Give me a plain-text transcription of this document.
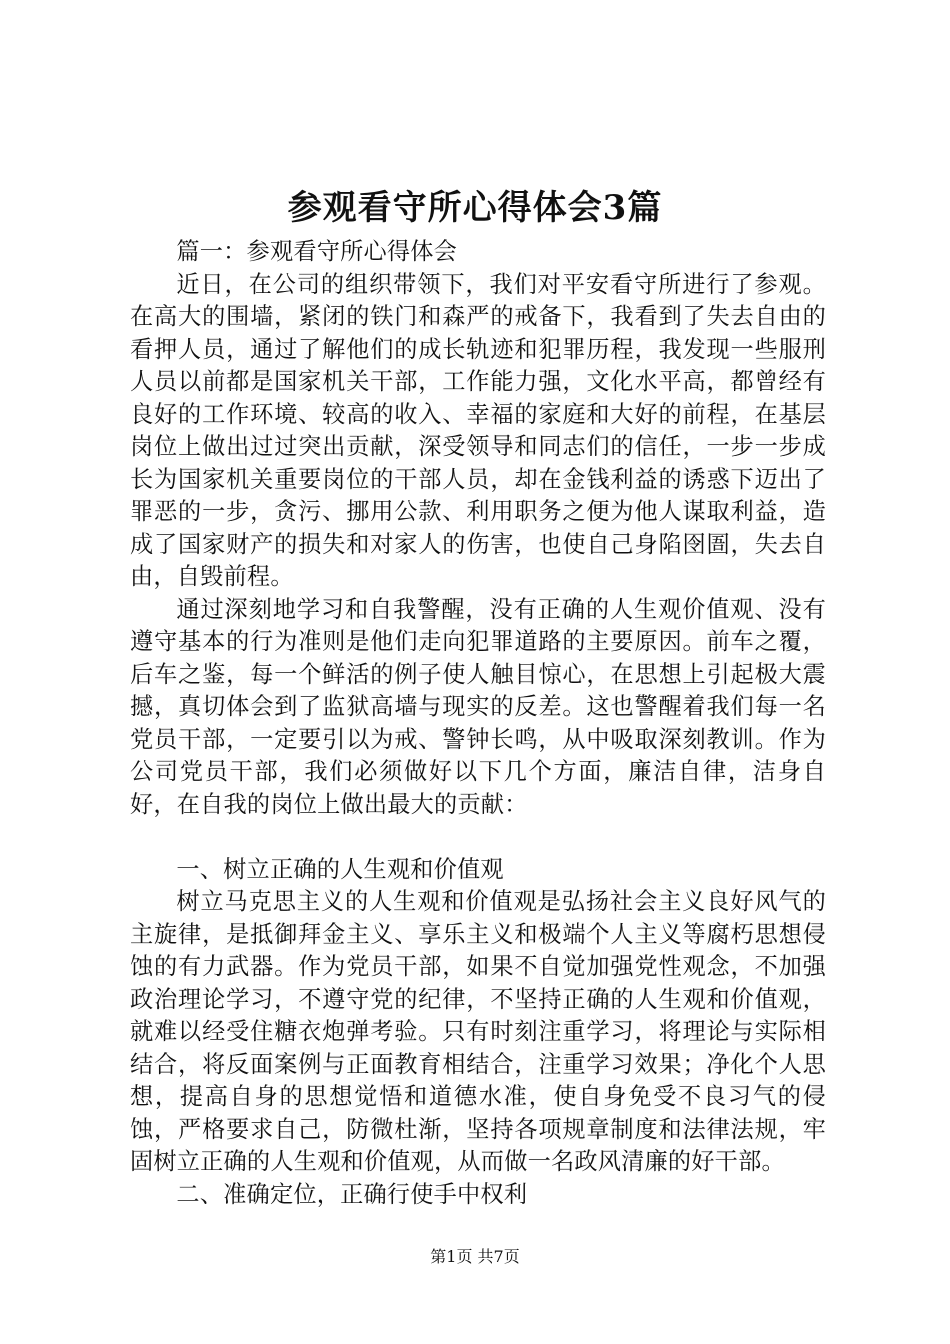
参观看守所心得体会3篇

篇一：参观看守所心得体会

近日，在公司的组织带领下，我们对平安看守所进行了参观。在高大的围墙，紧闭的铁门和森严的戒备下，我看到了失去自由的看押人员，通过了解他们的成长轨迹和犯罪历程，我发现一些服刑人员以前都是国家机关干部，工作能力强，文化水平高，都曾经有良好的工作环境、较高的收入、幸福的家庭和大好的前程，在基层岗位上做出过过突出贡献，深受领导和同志们的信任，一步一步成长为国家机关重要岗位的干部人员，却在金钱利益的诱惑下迈出了罪恶的一步，贪污、挪用公款、利用职务之便为他人谋取利益，造成了国家财产的损失和对家人的伤害，也使自己身陷囹圄，失去自由，自毁前程。

通过深刻地学习和自我警醒，没有正确的人生观价值观、没有遵守基本的行为准则是他们走向犯罪道路的主要原因。前车之覆，后车之鉴，每一个鲜活的例子使人触目惊心，在思想上引起极大震撼，真切体会到了监狱高墙与现实的反差。这也警醒着我们每一名党员干部，一定要引以为戒、警钟长鸣，从中吸取深刻教训。作为公司党员干部，我们必须做好以下几个方面，廉洁自律，洁身自好，在自我的岗位上做出最大的贡献：

一、树立正确的人生观和价值观

树立马克思主义的人生观和价值观是弘扬社会主义良好风气的主旋律，是抵御拜金主义、享乐主义和极端个人主义等腐朽思想侵蚀的有力武器。作为党员干部，如果不自觉加强党性观念，不加强政治理论学习，不遵守党的纪律，不坚持正确的人生观和价值观，就难以经受住糖衣炮弹考验。只有时刻注重学习，将理论与实际相结合，将反面案例与正面教育相结合，注重学习效果；净化个人思想，提高自身的思想觉悟和道德水准，使自身免受不良习气的侵蚀，严格要求自己，防微杜渐，坚持各项规章制度和法律法规，牢固树立正确的人生观和价值观，从而做一名政风清廉的好干部。

二、准确定位，正确行使手中权利

第1页 共7页
